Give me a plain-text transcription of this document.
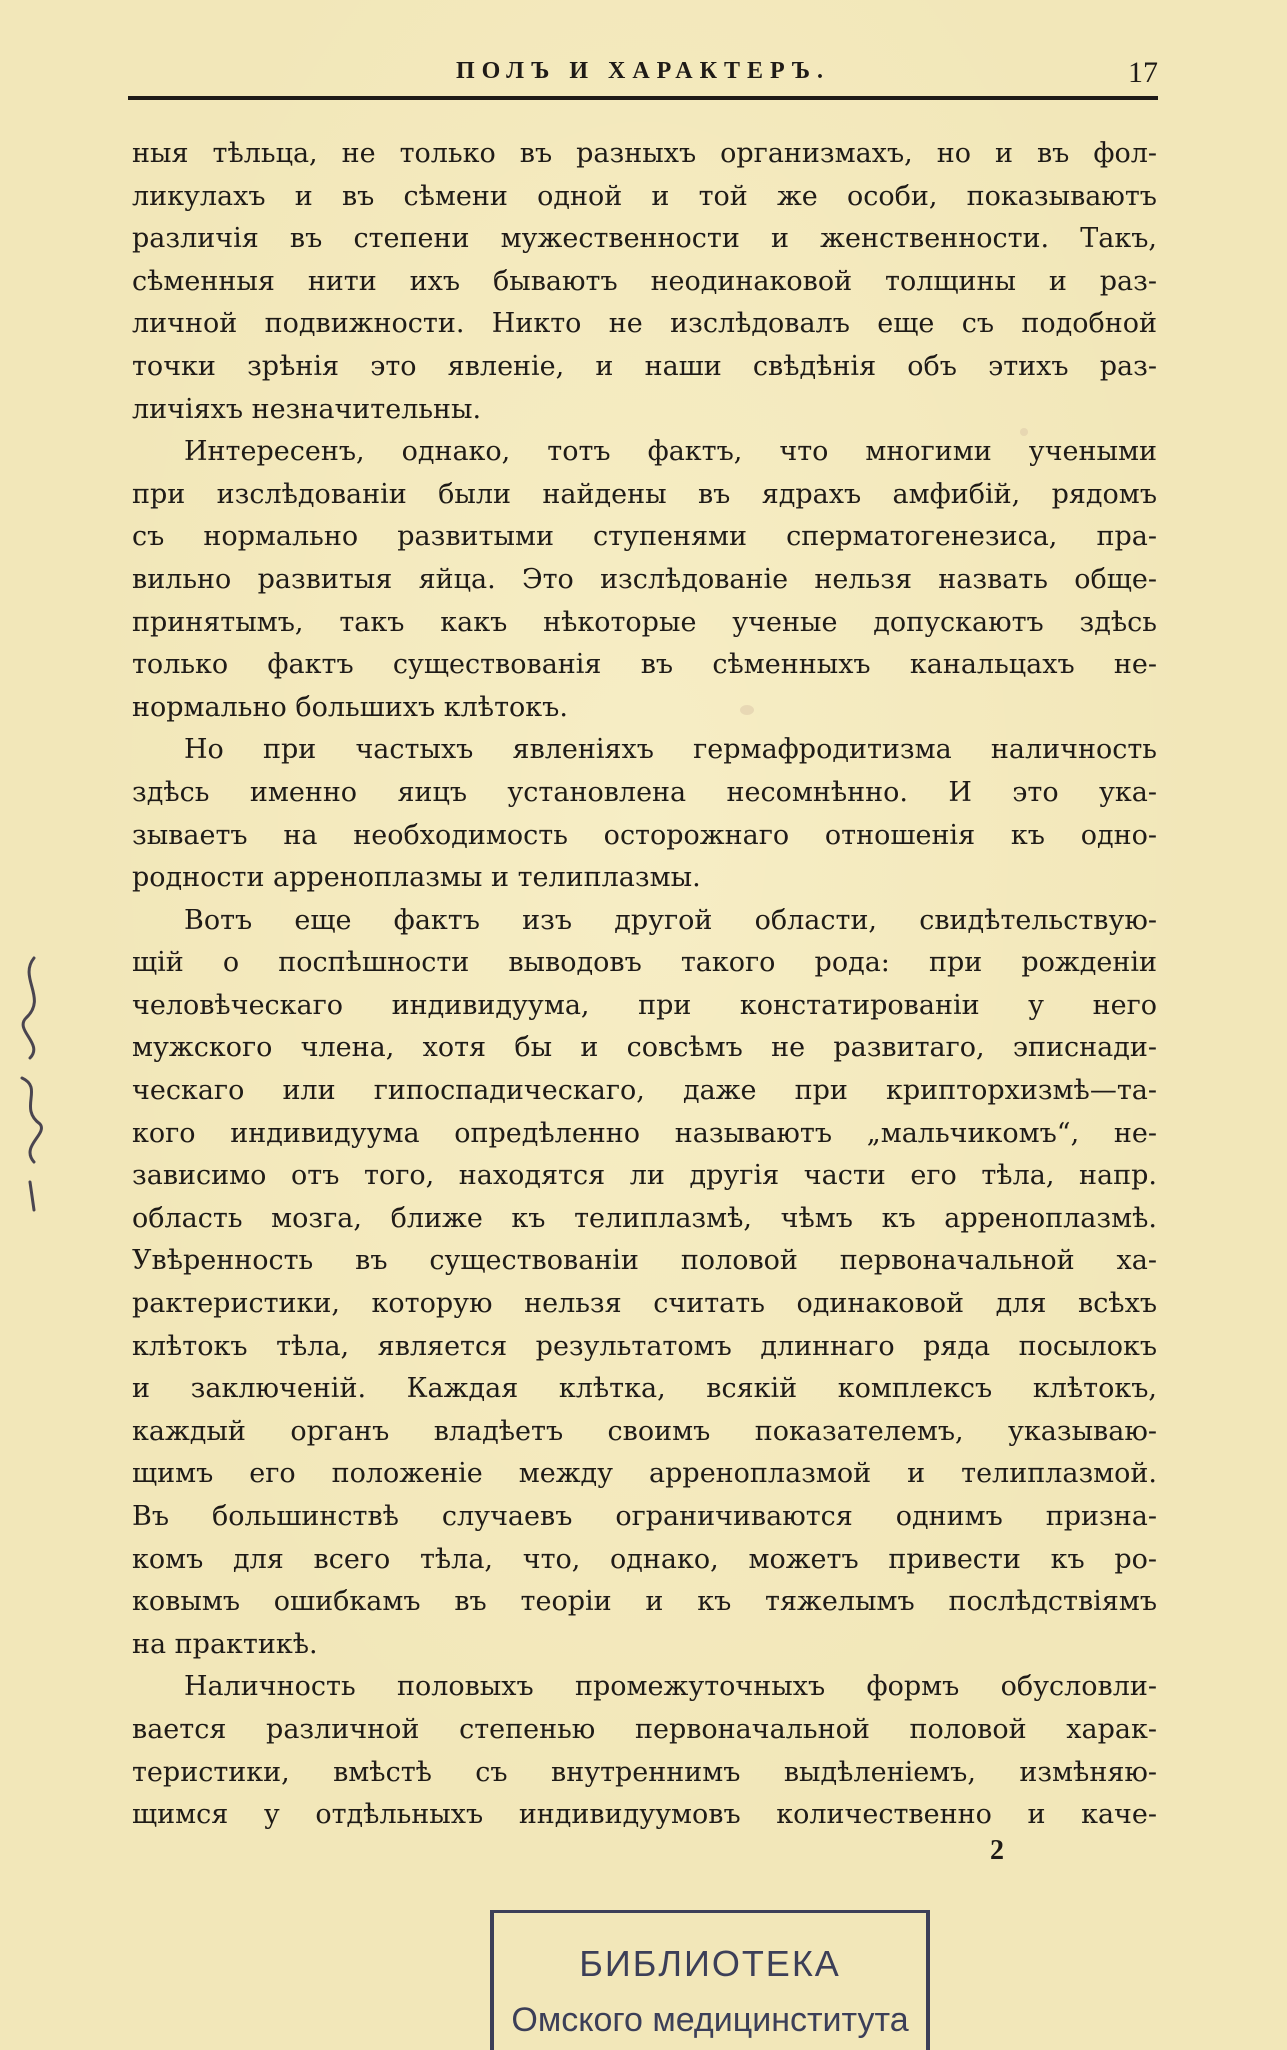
ПОЛЪ И ХАРАКТЕРЪ.	17
ныя тѣльца, не только въ разныхъ организмахъ, но и въ фол-
ликулахъ и въ сѣмени одной и той же особи, показываютъ
различія въ степени мужественности и женственности. Такъ,
сѣменныя нити ихъ бываютъ неодинаковой толщины и раз-
личной подвижности. Никто не изслѣдовалъ еще съ подобной
точки зрѣнія это явленіе, и наши свѣдѣнія объ этихъ раз-
личіяхъ незначительны.
Интересенъ, однако, тотъ фактъ, что многими учеными
при изслѣдованіи были найдены въ ядрахъ амфибій, рядомъ
съ нормально развитыми ступенями сперматогенезиса, пра-
вильно развитыя яйца. Это изслѣдованіе нельзя назвать обще-
принятымъ, такъ какъ нѣкоторые ученые допускаютъ здѣсь
только фактъ существованія въ сѣменныхъ канальцахъ не-
нормально большихъ клѣтокъ.
Но при частыхъ явленіяхъ гермафродитизма наличность
здѣсь именно яицъ установлена несомнѣнно. И это ука-
зываетъ на необходимость осторожнаго отношенія къ одно-
родности арреноплазмы и телиплазмы.
Вотъ еще фактъ изъ другой области, свидѣтельствую-
щій о поспѣшности выводовъ такого рода: при рожденіи
человѣческаго индивидуума, при констатированіи у него
мужского члена, хотя бы и совсѣмъ не развитаго, эписнади-
ческаго или гипоспадическаго, даже при крипторхизмѣ—та-
кого индивидуума опредѣленно называютъ „мальчикомъ“, не-
зависимо отъ того, находятся ли другія части его тѣла, напр.
область мозга, ближе къ телиплазмѣ, чѣмъ къ арреноплазмѣ.
Увѣренность въ существованіи половой первоначальной ха-
рактеристики, которую нельзя считать одинаковой для всѣхъ
клѣтокъ тѣла, является результатомъ длиннаго ряда посылокъ
и заключеній. Каждая клѣтка, всякій комплексъ клѣтокъ,
каждый органъ владѣетъ своимъ показателемъ, указываю-
щимъ его положеніе между арреноплазмой и телиплазмой.
Въ большинствѣ случаевъ ограничиваются однимъ призна-
комъ для всего тѣла, что, однако, можетъ привести къ ро-
ковымъ ошибкамъ въ теоріи и къ тяжелымъ послѣдствіямъ
на практикѣ.
Наличность половыхъ промежуточныхъ формъ обусловли-
вается различной степенью первоначальной половой харак-
теристики, вмѣстѣ съ внутреннимъ выдѣленіемъ, измѣняю-
щимся у отдѣльныхъ индивидуумовъ количественно и каче-
2
БИБЛИОТЕКА
Омского медицинститута
